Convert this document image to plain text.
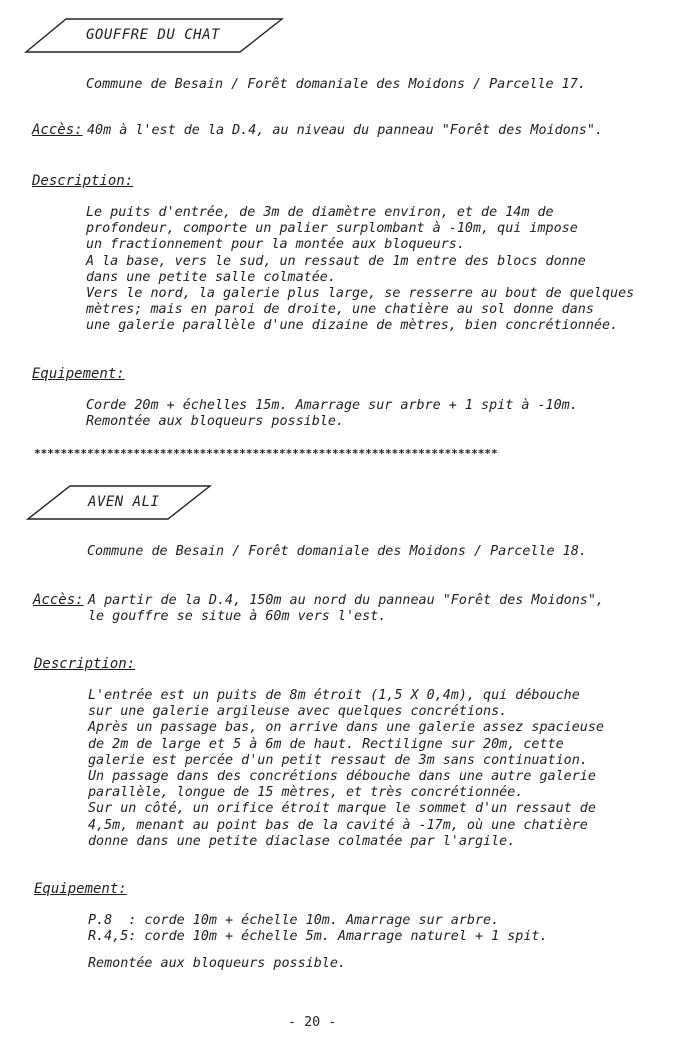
GOUFFRE DU CHAT
Commune de Besain / Forêt domaniale des Moidons / Parcelle 17.
Accès: 40m à l'est de la D.4, au niveau du panneau "Forêt des Moidons".
Description:
Le puits d'entrée, de 3m de diamètre environ, et de 14m de
profondeur, comporte un palier surplombant à -10m, qui impose
un fractionnement pour la montée aux bloqueurs.
A la base, vers le sud, un ressaut de 1m entre des blocs donne
dans une petite salle colmatée.
Vers le nord, la galerie plus large, se resserre au bout de quelques
mètres; mais en paroi de droite, une chatière au sol donne dans
une galerie parallèle d'une dizaine de mètres, bien concrétionnée.
Equipement:
Corde 20m + échelles 15m. Amarrage sur arbre + 1 spit à -10m.
Remontée aux bloqueurs possible.
**********************************************************************
AVEN ALI
Commune de Besain / Forêt domaniale des Moidons / Parcelle 18.
Accès: A partir de la D.4, 150m au nord du panneau "Forêt des Moidons",
le gouffre se situe à 60m vers l'est.
Description:
L'entrée est un puits de 8m étroit (1,5 X 0,4m), qui débouche
sur une galerie argileuse avec quelques concrétions.
Après un passage bas, on arrive dans une galerie assez spacieuse
de 2m de large et 5 à 6m de haut. Rectiligne sur 20m, cette
galerie est percée d'un petit ressaut de 3m sans continuation.
Un passage dans des concrétions débouche dans une autre galerie
parallèle, longue de 15 mètres, et très concrétionnée.
Sur un côté, un orifice étroit marque le sommet d'un ressaut de
4,5m, menant au point bas de la cavité à -17m, où une chatière
donne dans une petite diaclase colmatée par l'argile.
Equipement:
P.8  : corde 10m + échelle 10m. Amarrage sur arbre.
R.4,5: corde 10m + échelle 5m. Amarrage naturel + 1 spit.
Remontée aux bloqueurs possible.
- 20 -
